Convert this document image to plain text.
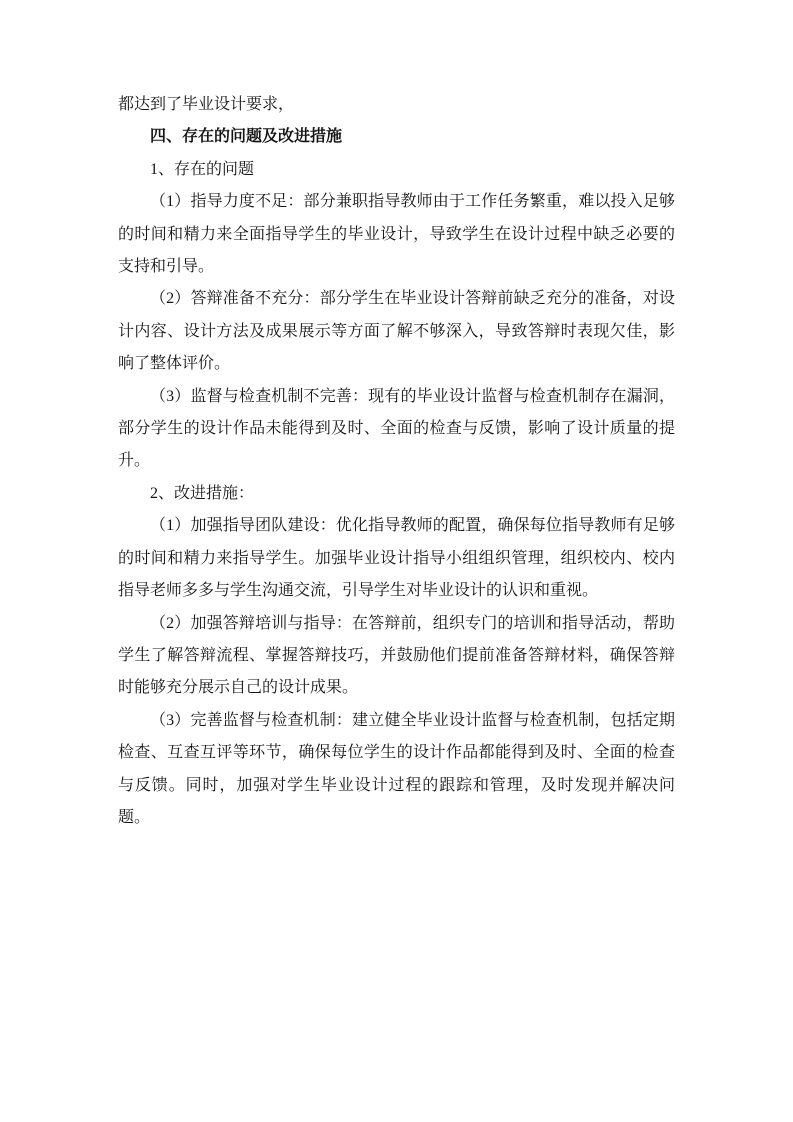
都达到了毕业设计要求，

四、存在的问题及改进措施

1、存在的问题

（1）指导力度不足：部分兼职指导教师由于工作任务繁重，难以投入足够的时间和精力来全面指导学生的毕业设计，导致学生在设计过程中缺乏必要的支持和引导。

（2）答辩准备不充分：部分学生在毕业设计答辩前缺乏充分的准备，对设计内容、设计方法及成果展示等方面了解不够深入，导致答辩时表现欠佳，影响了整体评价。

（3）监督与检查机制不完善：现有的毕业设计监督与检查机制存在漏洞，部分学生的设计作品未能得到及时、全面的检查与反馈，影响了设计质量的提升。

2、改进措施：

（1）加强指导团队建设：优化指导教师的配置，确保每位指导教师有足够的时间和精力来指导学生。加强毕业设计指导小组组织管理，组织校内、校内指导老师多多与学生沟通交流，引导学生对毕业设计的认识和重视。

（2）加强答辩培训与指导：在答辩前，组织专门的培训和指导活动，帮助学生了解答辩流程、掌握答辩技巧，并鼓励他们提前准备答辩材料，确保答辩时能够充分展示自己的设计成果。

（3）完善监督与检查机制：建立健全毕业设计监督与检查机制，包括定期检查、互查互评等环节，确保每位学生的设计作品都能得到及时、全面的检查与反馈。同时，加强对学生毕业设计过程的跟踪和管理，及时发现并解决问题。
